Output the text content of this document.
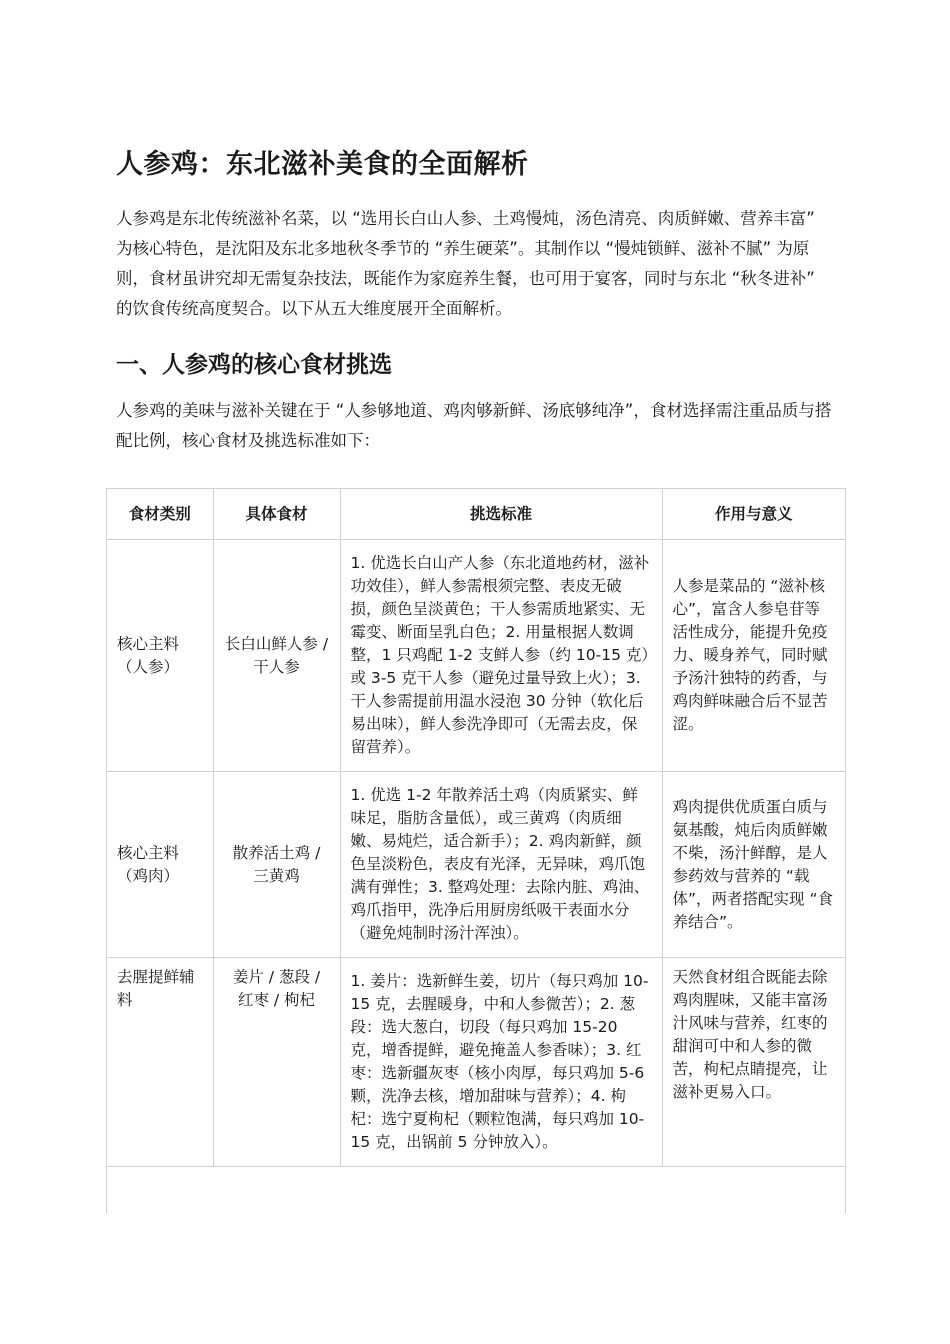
人参鸡：东北滋补美食的全面解析

人参鸡是东北传统滋补名菜，以 “选用长白山人参、土鸡慢炖，汤色清亮、肉质鲜嫩、营养丰富” 为核心特色，是沈阳及东北多地秋冬季节的 “养生硬菜”。其制作以 “慢炖锁鲜、滋补不腻” 为原则，食材虽讲究却无需复杂技法，既能作为家庭养生餐，也可用于宴客，同时与东北 “秋冬进补” 的饮食传统高度契合。以下从五大维度展开全面解析。

一、人参鸡的核心食材挑选

人参鸡的美味与滋补关键在于 “人参够地道、鸡肉够新鲜、汤底够纯净”，食材选择需注重品质与搭配比例，核心食材及挑选标准如下：

食材类别	具体食材	挑选标准	作用与意义
核心主料（人参）	长白山鲜人参 / 干人参	1. 优选长白山产人参（东北道地药材，滋补功效佳），鲜人参需根须完整、表皮无破损，颜色呈淡黄色；干人参需质地紧实、无霉变、断面呈乳白色；2. 用量根据人数调整，1 只鸡配 1-2 支鲜人参（约 10-15 克）或 3-5 克干人参（避免过量导致上火）；3. 干人参需提前用温水浸泡 30 分钟（软化后易出味），鲜人参洗净即可（无需去皮，保留营养）。	人参是菜品的 “滋补核心”，富含人参皂苷等活性成分，能提升免疫力、暖身养气，同时赋予汤汁独特的药香，与鸡肉鲜味融合后不显苦涩。
核心主料（鸡肉）	散养活土鸡 / 三黄鸡	1. 优选 1-2 年散养活土鸡（肉质紧实、鲜味足，脂肪含量低），或三黄鸡（肉质细嫩、易炖烂，适合新手）；2. 鸡肉新鲜，颜色呈淡粉色，表皮有光泽，无异味，鸡爪饱满有弹性；3. 整鸡处理：去除内脏、鸡油、鸡爪指甲，洗净后用厨房纸吸干表面水分（避免炖制时汤汁浑浊）。	鸡肉提供优质蛋白质与氨基酸，炖后肉质鲜嫩不柴，汤汁鲜醇，是人参药效与营养的 “载体”，两者搭配实现 “食养结合”。
去腥提鲜辅料	姜片 / 葱段 / 红枣 / 枸杞	1. 姜片：选新鲜生姜，切片（每只鸡加 10-15 克，去腥暖身，中和人参微苦）；2. 葱段：选大葱白，切段（每只鸡加 15-20 克，增香提鲜，避免掩盖人参香味）；3. 红枣：选新疆灰枣（核小肉厚，每只鸡加 5-6 颗，洗净去核，增加甜味与营养）；4. 枸杞：选宁夏枸杞（颗粒饱满，每只鸡加 10-15 克，出锅前 5 分钟放入）。	天然食材组合既能去除鸡肉腥味，又能丰富汤汁风味与营养，红枣的甜润可中和人参的微苦，枸杞点睛提亮，让滋补更易入口。
